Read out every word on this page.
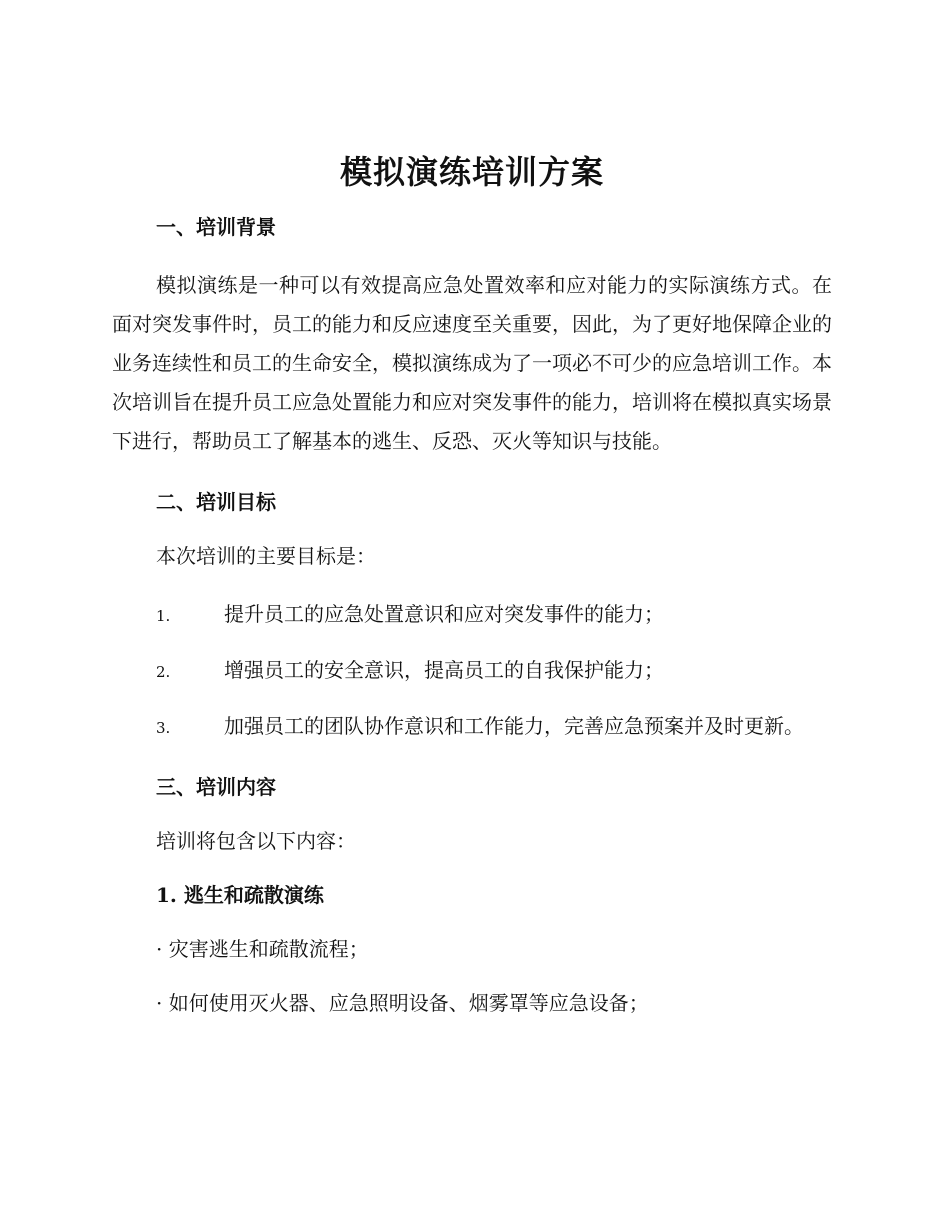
模拟演练培训方案

一、培训背景

模拟演练是一种可以有效提高应急处置效率和应对能力的实际演练方式。在面对突发事件时，员工的能力和反应速度至关重要，因此，为了更好地保障企业的业务连续性和员工的生命安全，模拟演练成为了一项必不可少的应急培训工作。本次培训旨在提升员工应急处置能力和应对突发事件的能力，培训将在模拟真实场景下进行，帮助员工了解基本的逃生、反恐、灭火等知识与技能。

二、培训目标

本次培训的主要目标是：

1.	提升员工的应急处置意识和应对突发事件的能力；

2.	增强员工的安全意识，提高员工的自我保护能力；

3.	加强员工的团队协作意识和工作能力，完善应急预案并及时更新。

三、培训内容

培训将包含以下内容：

1. 逃生和疏散演练

· 灾害逃生和疏散流程；

· 如何使用灭火器、应急照明设备、烟雾罩等应急设备；
